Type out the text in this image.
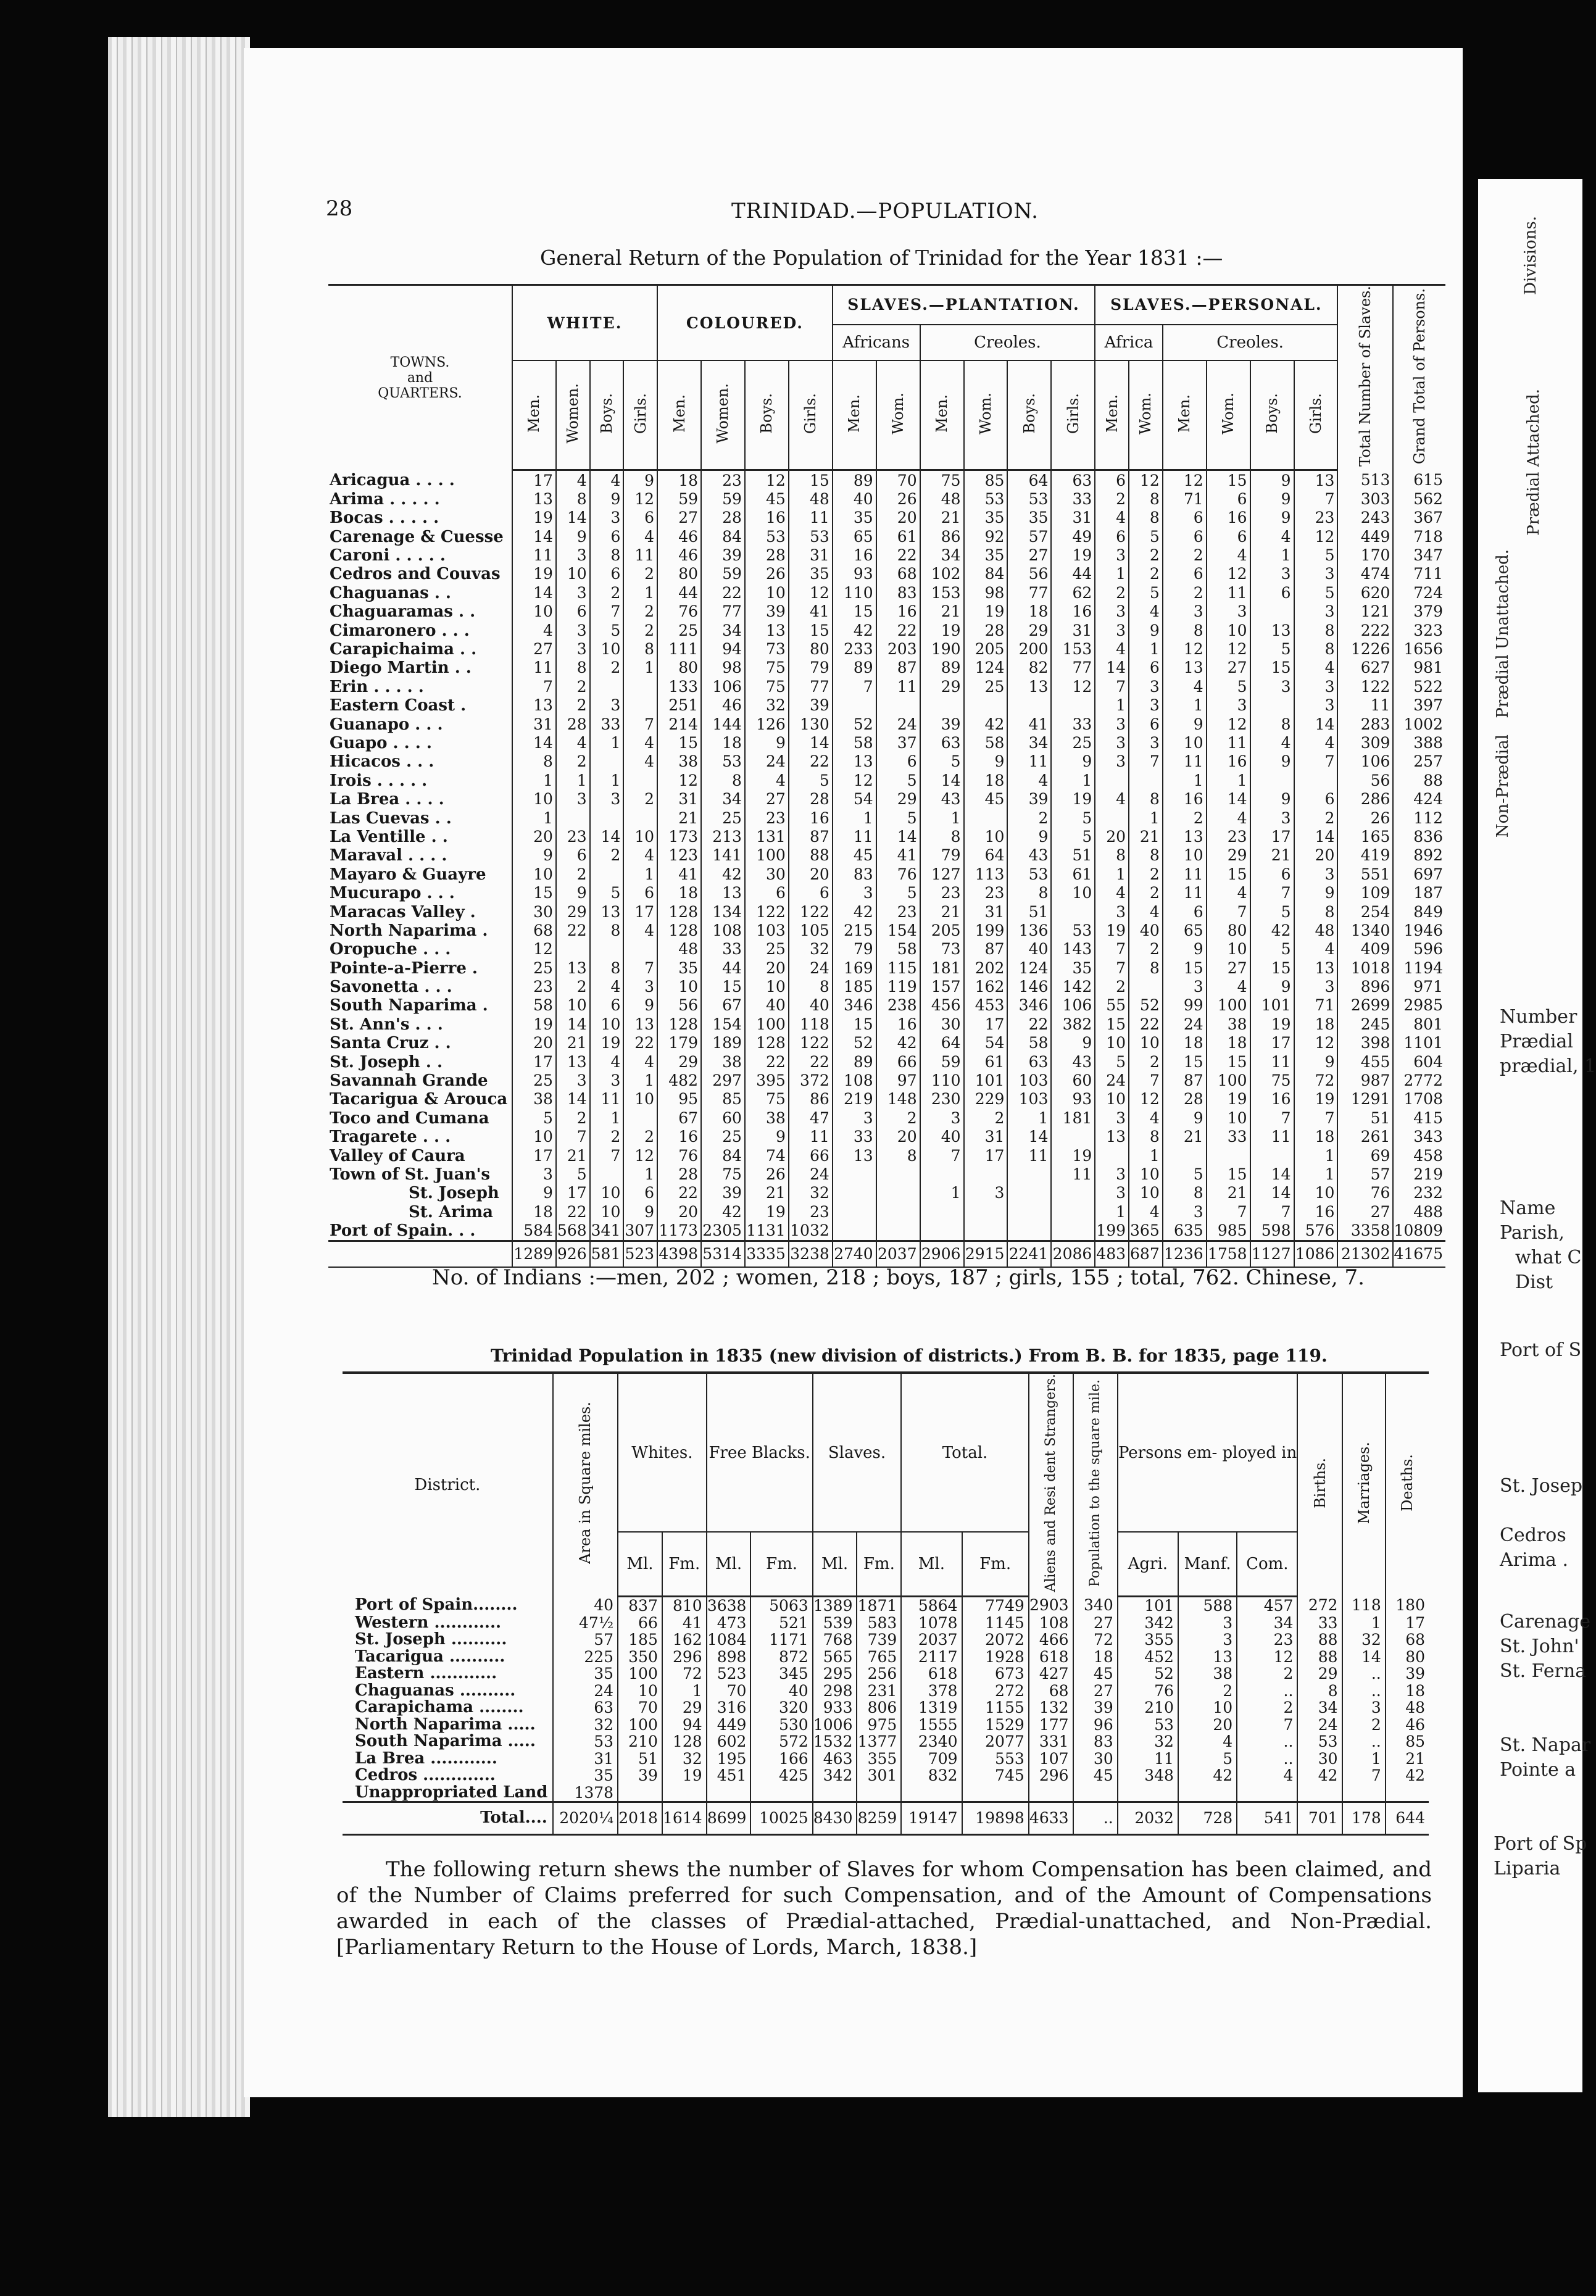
Divisions.
Prædial Attached.
Prædial Unattached.
Non-Prædial
Number
Prædial
prædial, 1
Name
Parish,
what C
Dist
Port of S
St. Josep
Cedros
Arima .
Carenage
St. John'
St. Ferna
St. Napar
Pointe a
Port of Sp
Liparia
28	TRINIDAD.—POPULATION.
General Return of the Population of Trinidad for the Year 1831 :—
TOWNS.
and
QUARTERS.	WHITE.				COLOURED.				SLAVES.—PLANTATION.						SLAVES.—PERSONAL.						Total Number of Slaves.	Grand Total of Persons.
									Africans		Creoles.				Africa		Creoles.					
	Men.	Women.	Boys.	Girls.	Men.	Women.	Boys.	Girls.	Men.	Wom.	Men.	Wom.	Boys.	Girls.	Men.	Wom.	Men.	Wom.	Boys.	Girls.		
Aricagua . . . .	17	4	4	9	18	23	12	15	89	70	75	85	64	63	6	12	12	15	9	13	513	615
Arima . . . . .	13	8	9	12	59	59	45	48	40	26	48	53	53	33	2	8	71	6	9	7	303	562
Bocas . . . . .	19	14	3	6	27	28	16	11	35	20	21	35	35	31	4	8	6	16	9	23	243	367
Carenage & Cuesse	14	9	6	4	46	84	53	53	65	61	86	92	57	49	6	5	6	6	4	12	449	718
Caroni . . . . .	11	3	8	11	46	39	28	31	16	22	34	35	27	19	3	2	2	4	1	5	170	347
Cedros and Couvas	19	10	6	2	80	59	26	35	93	68	102	84	56	44	1	2	6	12	3	3	474	711
Chaguanas . .	14	3	2	1	44	22	10	12	110	83	153	98	77	62	2	5	2	11	6	5	620	724
Chaguaramas . .	10	6	7	2	76	77	39	41	15	16	21	19	18	16	3	4	3	3		3	121	379
Cimaronero . . .	4	3	5	2	25	34	13	15	42	22	19	28	29	31	3	9	8	10	13	8	222	323
Carapichaima . .	27	3	10	8	111	94	73	80	233	203	190	205	200	153	4	1	12	12	5	8	1226	1656
Diego Martin . .	11	8	2	1	80	98	75	79	89	87	89	124	82	77	14	6	13	27	15	4	627	981
Erin . . . . .	7	2			133	106	75	77	7	11	29	25	13	12	7	3	4	5	3	3	122	522
Eastern Coast .	13	2	3		251	46	32	39							1	3	1	3		3	11	397
Guanapo . . .	31	28	33	7	214	144	126	130	52	24	39	42	41	33	3	6	9	12	8	14	283	1002
Guapo . . . .	14	4	1	4	15	18	9	14	58	37	63	58	34	25	3	3	10	11	4	4	309	388
Hicacos . . .	8	2		4	38	53	24	22	13	6	5	9	11	9	3	7	11	16	9	7	106	257
Irois . . . . .	1	1	1		12	8	4	5	12	5	14	18	4	1			1	1			56	88
La Brea . . . .	10	3	3	2	31	34	27	28	54	29	43	45	39	19	4	8	16	14	9	6	286	424
Las Cuevas . .	1				21	25	23	16	1	5	1		2	5		1	2	4	3	2	26	112
La Ventille . .	20	23	14	10	173	213	131	87	11	14	8	10	9	5	20	21	13	23	17	14	165	836
Maraval . . . .	9	6	2	4	123	141	100	88	45	41	79	64	43	51	8	8	10	29	21	20	419	892
Mayaro & Guayre	10	2		1	41	42	30	20	83	76	127	113	53	61	1	2	11	15	6	3	551	697
Mucurapo . . .	15	9	5	6	18	13	6	6	3	5	23	23	8	10	4	2	11	4	7	9	109	187
Maracas Valley .	30	29	13	17	128	134	122	122	42	23	21	31	51		3	4	6	7	5	8	254	849
North Naparima .	68	22	8	4	128	108	103	105	215	154	205	199	136	53	19	40	65	80	42	48	1340	1946
Oropuche . . .	12				48	33	25	32	79	58	73	87	40	143	7	2	9	10	5	4	409	596
Pointe-a-Pierre .	25	13	8	7	35	44	20	24	169	115	181	202	124	35	7	8	15	27	15	13	1018	1194
Savonetta . . .	23	2	4	3	10	15	10	8	185	119	157	162	146	142	2		3	4	9	3	896	971
South Naparima .	58	10	6	9	56	67	40	40	346	238	456	453	346	106	55	52	99	100	101	71	2699	2985
St. Ann's . . .	19	14	10	13	128	154	100	118	15	16	30	17	22	382	15	22	24	38	19	18	245	801
Santa Cruz . .	20	21	19	22	179	189	128	122	52	42	64	54	58	9	10	10	18	18	17	12	398	1101
St. Joseph . .	17	13	4	4	29	38	22	22	89	66	59	61	63	43	5	2	15	15	11	9	455	604
Savannah Grande	25	3	3	1	482	297	395	372	108	97	110	101	103	60	24	7	87	100	75	72	987	2772
Tacarigua & Arouca	38	14	11	10	95	85	75	86	219	148	230	229	103	93	10	12	28	19	16	19	1291	1708
Toco and Cumana	5	2	1		67	60	38	47	3	2	3	2	1	181	3	4	9	10	7	7	51	415
Tragarete . . .	10	7	2	2	16	25	9	11	33	20	40	31	14		13	8	21	33	11	18	261	343
Valley of Caura	17	21	7	12	76	84	74	66	13	8	7	17	11	19		1				1	69	458
Town of St. Juan's	3	5		1	28	75	26	24						11	3	10	5	15	14	1	57	219
St. Joseph	9	17	10	6	22	39	21	32			1	3			3	10	8	21	14	10	76	232
St. Arima	18	22	10	9	20	42	19	23							1	4	3	7	7	16	27	488
Port of Spain. . .	584	568	341	307	1173	2305	1131	1032							199	365	635	985	598	576	3358	10809
	1289	926	581	523	4398	5314	3335	3238	2740	2037	2906	2915	2241	2086	483	687	1236	1758	1127	1086	21302	41675
No. of Indians :—men, 202 ; women, 218 ; boys, 187 ; girls, 155 ; total, 762. Chinese, 7.
Trinidad Population in 1835 (new division of districts.) From B. B. for 1835, page 119.
District.	Area in Square miles.	Whites.		Free Blacks.		Slaves.		Total.		Aliens and Resi dent Strangers.	Population to the square mile.	Persons em- ployed in			Births.	Marriages.	Deaths.
		Ml.	Fm.	Ml.	Fm.	Ml.	Fm.	Ml.	Fm.			Agri.	Manf.	Com.			
Port of Spain........	40	837	810	3638	5063	1389	1871	5864	7749	2903	340	101	588	457	272	118	180
Western ............	47½	66	41	473	521	539	583	1078	1145	108	27	342	3	34	33	1	17
St. Joseph ..........	57	185	162	1084	1171	768	739	2037	2072	466	72	355	3	23	88	32	68
Tacarigua ..........	225	350	296	898	872	565	765	2117	1928	618	18	452	13	12	88	14	80
Eastern ............	35	100	72	523	345	295	256	618	673	427	45	52	38	2	29	..	39
Chaguanas ..........	24	10	1	70	40	298	231	378	272	68	27	76	2	..	8	..	18
Carapichama ........	63	70	29	316	320	933	806	1319	1155	132	39	210	10	2	34	3	48
North Naparima .....	32	100	94	449	530	1006	975	1555	1529	177	96	53	20	7	24	2	46
South Naparima .....	53	210	128	602	572	1532	1377	2340	2077	331	83	32	4	..	53	..	85
La Brea ............	31	51	32	195	166	463	355	709	553	107	30	11	5	..	30	1	21
Cedros .............	35	39	19	451	425	342	301	832	745	296	45	348	42	4	42	7	42
Unappropriated Land	1378																
Total....	2020¼	2018	1614	8699	10025	8430	8259	19147	19898	4633	..	2032	728	541	701	178	644
The following return shews the number of Slaves for whom Compensation has been claimed, and of the Number of Claims preferred for such Compensation, and of the Amount of Compensations awarded in each of the classes of Prædial-attached, Prædial-unattached, and Non-Prædial. [Parliamentary Return to the House of Lords, March, 1838.]
